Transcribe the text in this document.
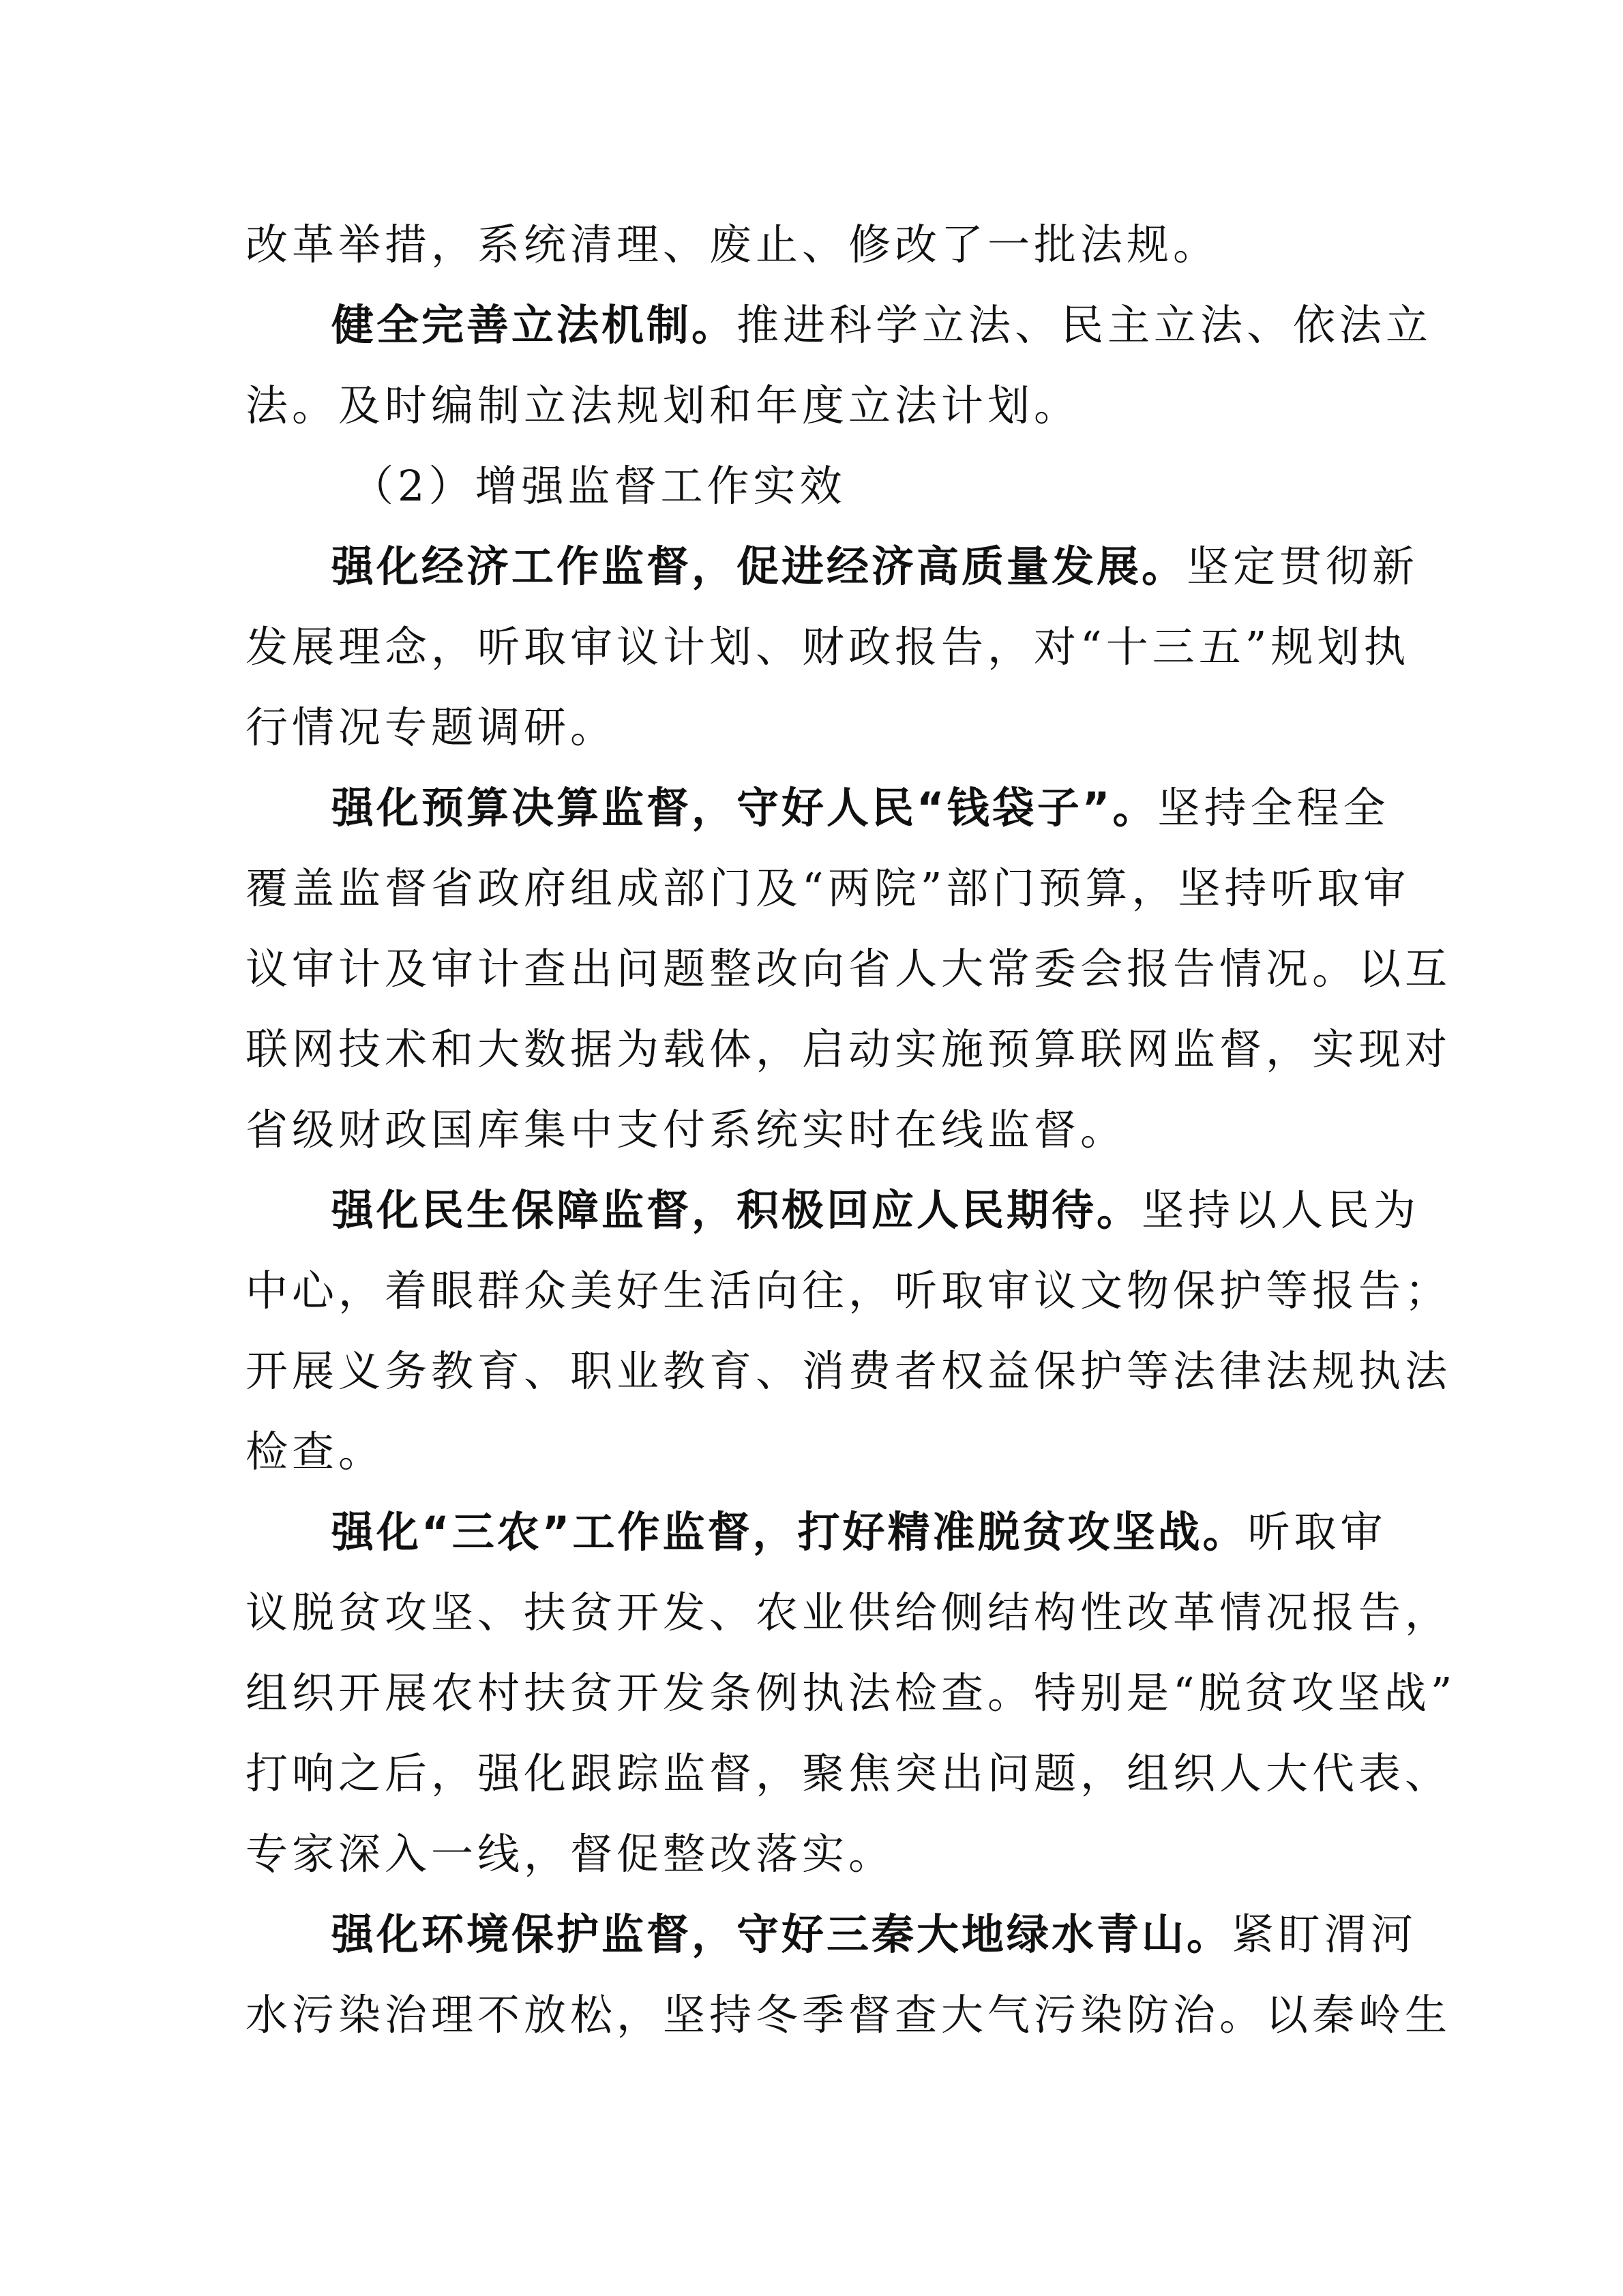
改革举措，系统清理、废止、修改了一批法规。
健全完善立法机制。推进科学立法、民主立法、依法立
法。及时编制立法规划和年度立法计划。
（2）增强监督工作实效
强化经济工作监督，促进经济高质量发展。坚定贯彻新
发展理念，听取审议计划、财政报告，对“十三五”规划执
行情况专题调研。
强化预算决算监督，守好人民“钱袋子”。坚持全程全
覆盖监督省政府组成部门及“两院”部门预算，坚持听取审
议审计及审计查出问题整改向省人大常委会报告情况。以互
联网技术和大数据为载体，启动实施预算联网监督，实现对
省级财政国库集中支付系统实时在线监督。
强化民生保障监督，积极回应人民期待。坚持以人民为
中心，着眼群众美好生活向往，听取审议文物保护等报告；
开展义务教育、职业教育、消费者权益保护等法律法规执法
检查。
强化“三农”工作监督，打好精准脱贫攻坚战。听取审
议脱贫攻坚、扶贫开发、农业供给侧结构性改革情况报告，
组织开展农村扶贫开发条例执法检查。特别是“脱贫攻坚战”
打响之后，强化跟踪监督，聚焦突出问题，组织人大代表、
专家深入一线，督促整改落实。
强化环境保护监督，守好三秦大地绿水青山。紧盯渭河
水污染治理不放松，坚持冬季督查大气污染防治。以秦岭生
